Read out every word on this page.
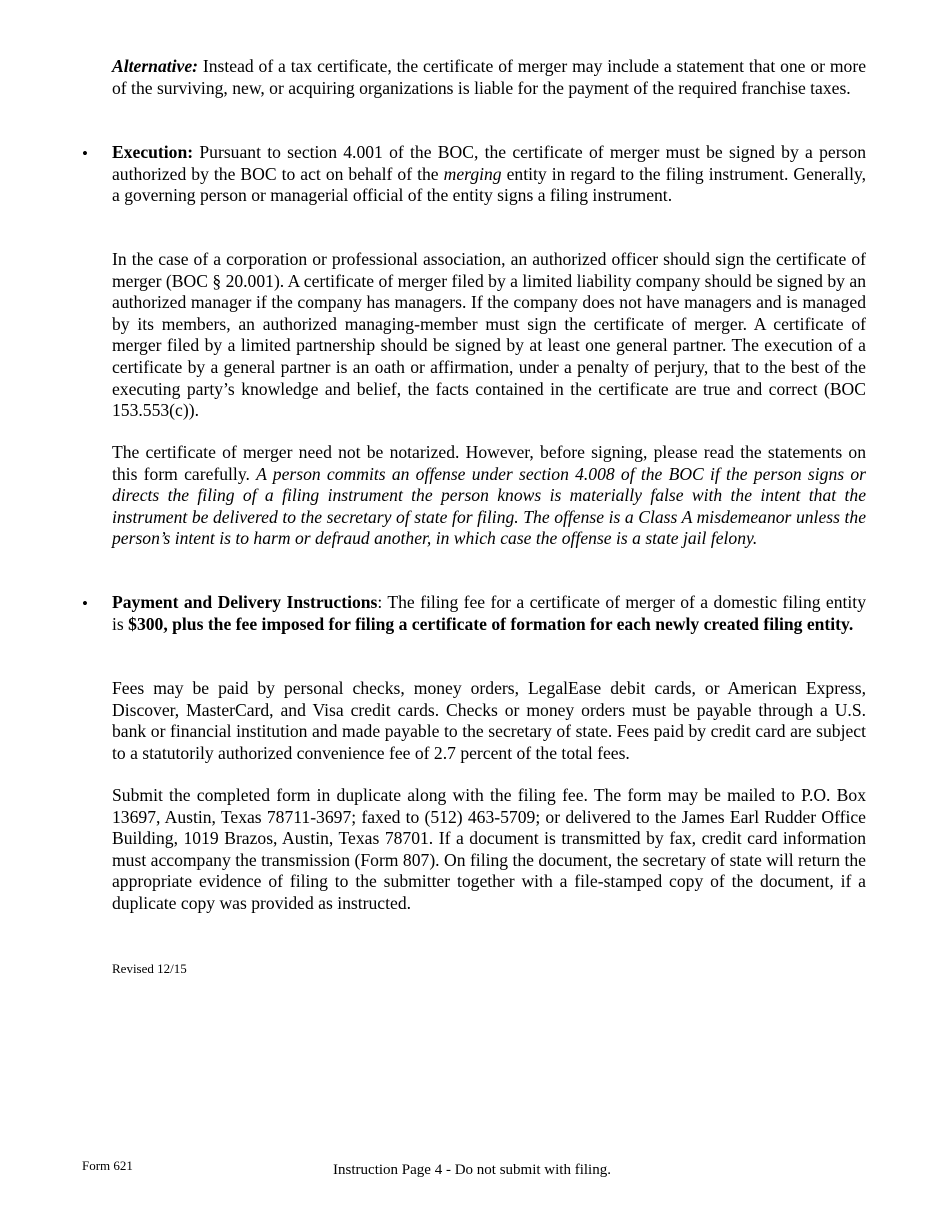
Alternative: Instead of a tax certificate, the certificate of merger may include a statement that one or more of the surviving, new, or acquiring organizations is liable for the payment of the required franchise taxes.

• Execution: Pursuant to section 4.001 of the BOC, the certificate of merger must be signed by a person authorized by the BOC to act on behalf of the merging entity in regard to the filing instrument. Generally, a governing person or managerial official of the entity signs a filing instrument.

In the case of a corporation or professional association, an authorized officer should sign the certificate of merger (BOC § 20.001). A certificate of merger filed by a limited liability company should be signed by an authorized manager if the company has managers. If the company does not have managers and is managed by its members, an authorized managing-member must sign the certificate of merger. A certificate of merger filed by a limited partnership should be signed by at least one general partner. The execution of a certificate by a general partner is an oath or affirmation, under a penalty of perjury, that to the best of the executing party’s knowledge and belief, the facts contained in the certificate are true and correct (BOC 153.553(c)).

The certificate of merger need not be notarized. However, before signing, please read the statements on this form carefully. A person commits an offense under section 4.008 of the BOC if the person signs or directs the filing of a filing instrument the person knows is materially false with the intent that the instrument be delivered to the secretary of state for filing. The offense is a Class A misdemeanor unless the person’s intent is to harm or defraud another, in which case the offense is a state jail felony.

• Payment and Delivery Instructions: The filing fee for a certificate of merger of a domestic filing entity is $300, plus the fee imposed for filing a certificate of formation for each newly created filing entity.

Fees may be paid by personal checks, money orders, LegalEase debit cards, or American Express, Discover, MasterCard, and Visa credit cards. Checks or money orders must be payable through a U.S. bank or financial institution and made payable to the secretary of state. Fees paid by credit card are subject to a statutorily authorized convenience fee of 2.7 percent of the total fees.

Submit the completed form in duplicate along with the filing fee. The form may be mailed to P.O. Box 13697, Austin, Texas 78711-3697; faxed to (512) 463-5709; or delivered to the James Earl Rudder Office Building, 1019 Brazos, Austin, Texas 78701. If a document is transmitted by fax, credit card information must accompany the transmission (Form 807). On filing the document, the secretary of state will return the appropriate evidence of filing to the submitter together with a file-stamped copy of the document, if a duplicate copy was provided as instructed.

Revised 12/15
Form 621	Instruction Page 4 - Do not submit with filing.
